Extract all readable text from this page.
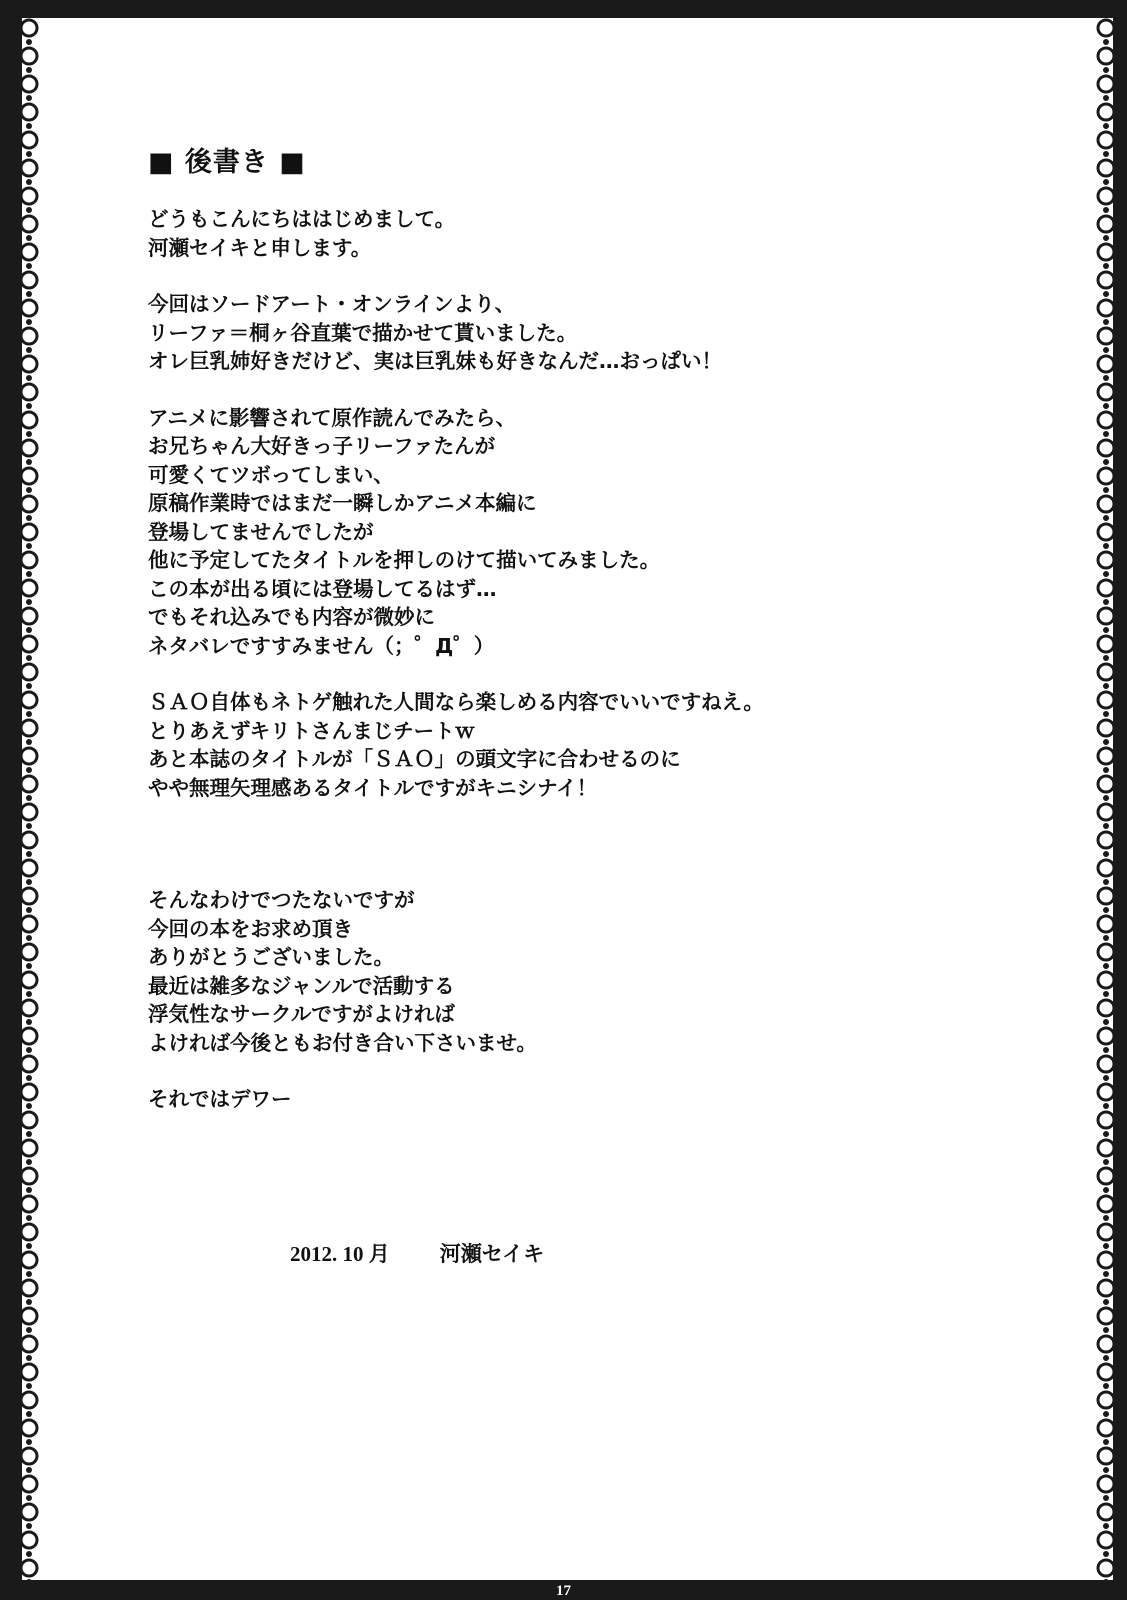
■ 後書き ■
どうもこんにちははじめまして。
河瀬セイキと申します。
今回はソードアート・オンラインより、
リーファ＝桐ヶ谷直葉で描かせて貰いました。
オレ巨乳姉好きだけど、実は巨乳妹も好きなんだ…おっぱい！
アニメに影響されて原作読んでみたら、
お兄ちゃん大好きっ子リーファたんが
可愛くてツボってしまい、
原稿作業時ではまだ一瞬しかアニメ本編に
登場してませんでしたが
他に予定してたタイトルを押しのけて描いてみました。
この本が出る頃には登場してるはず…
でもそれ込みでも内容が微妙に
ネタバレですすみません（；゜Д゜）
ＳＡＯ自体もネトゲ触れた人間なら楽しめる内容でいいですねえ。
とりあえずキリトさんまじチートｗ
あと本誌のタイトルが「ＳＡＯ」の頭文字に合わせるのに
やや無理矢理感あるタイトルですがキニシナイ！
そんなわけでつたないですが
今回の本をお求め頂き
ありがとうございました。
最近は雑多なジャンルで活動する
浮気性なサークルですがよければ
よければ今後ともお付き合い下さいませ。
それではデワー
2012. 10 月 河瀬セイキ
17
